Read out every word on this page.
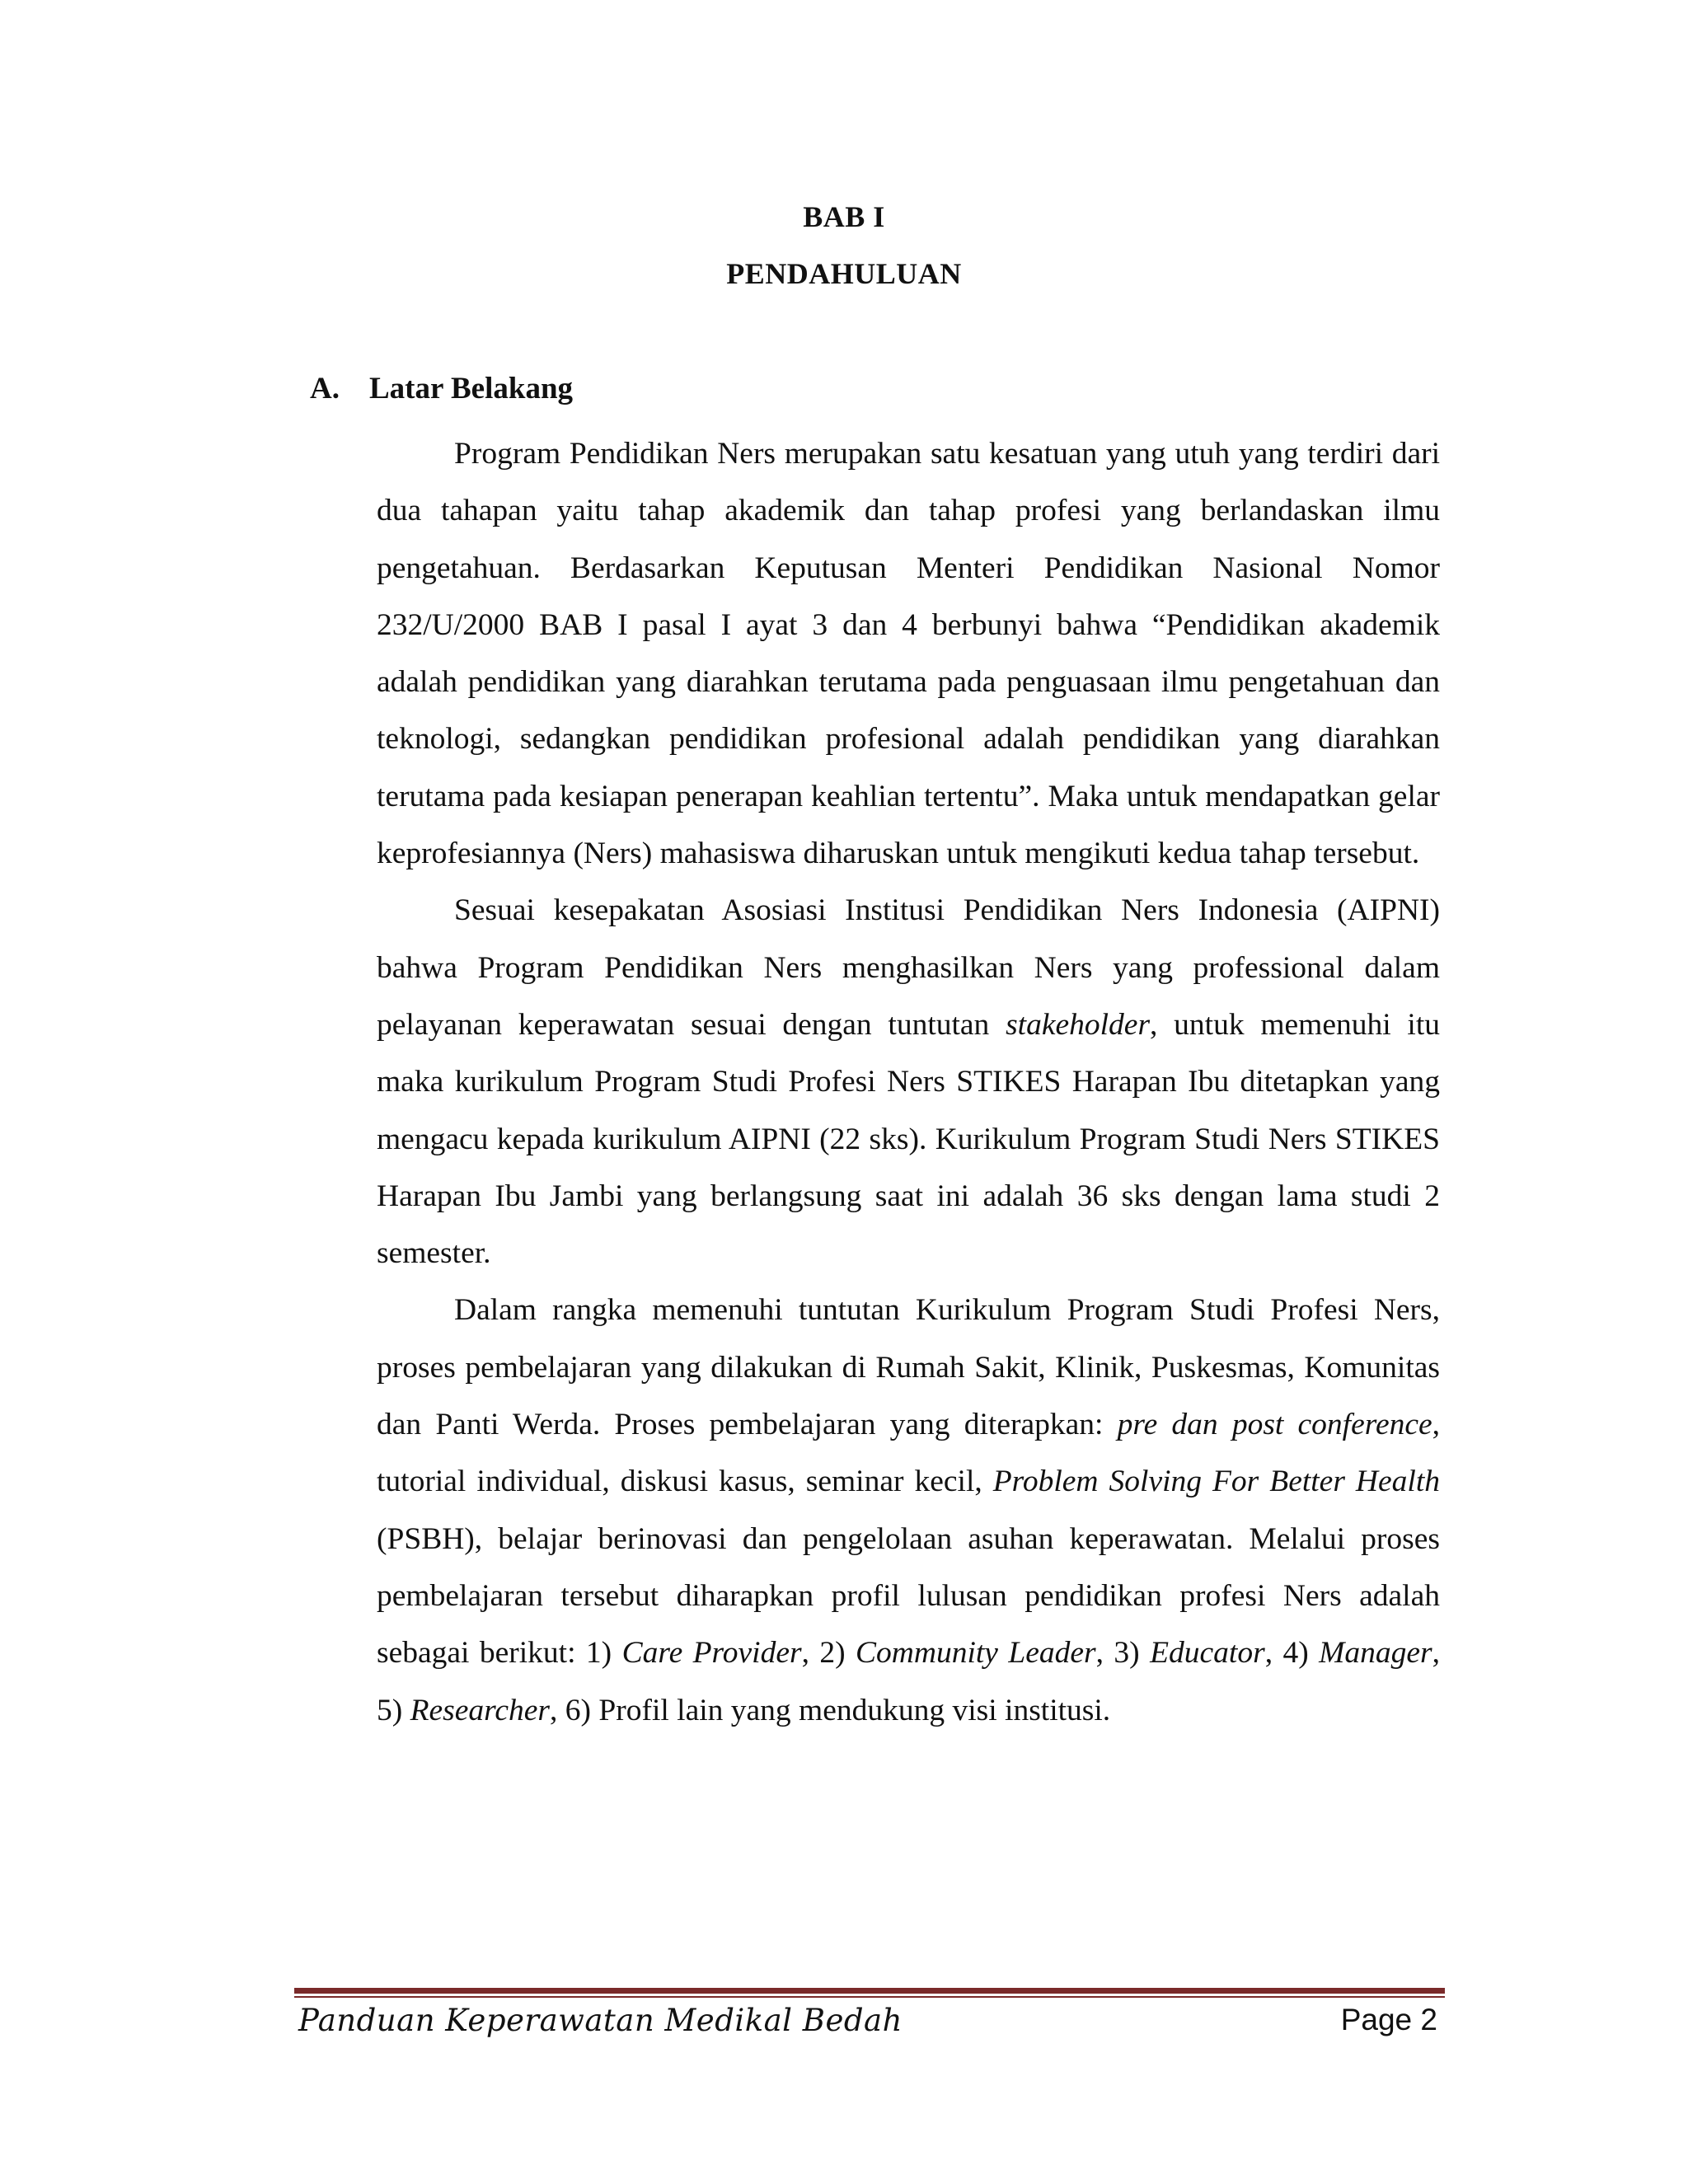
BAB I
PENDAHULUAN
A. Latar Belakang

Program Pendidikan Ners merupakan satu kesatuan yang utuh yang terdiri dari dua tahapan yaitu tahap akademik dan tahap profesi yang berlandaskan ilmu pengetahuan. Berdasarkan Keputusan Menteri Pendidikan Nasional Nomor 232/U/2000 BAB I pasal I ayat 3 dan 4 berbunyi bahwa “Pendidikan akademik adalah pendidikan yang diarahkan terutama pada penguasaan ilmu pengetahuan dan teknologi, sedangkan pendidikan profesional adalah pendidikan yang diarahkan terutama pada kesiapan penerapan keahlian tertentu”. Maka untuk mendapatkan gelar keprofesiannya (Ners) mahasiswa diharuskan untuk mengikuti kedua tahap tersebut.

Sesuai kesepakatan Asosiasi Institusi Pendidikan Ners Indonesia (AIPNI) bahwa Program Pendidikan Ners menghasilkan Ners yang professional dalam pelayanan keperawatan sesuai dengan tuntutan stakeholder, untuk memenuhi itu maka kurikulum Program Studi Profesi Ners STIKES Harapan Ibu ditetapkan yang mengacu kepada kurikulum AIPNI (22 sks). Kurikulum Program Studi Ners STIKES Harapan Ibu Jambi yang berlangsung saat ini adalah 36 sks dengan lama studi 2 semester.

Dalam rangka memenuhi tuntutan Kurikulum Program Studi Profesi Ners, proses pembelajaran yang dilakukan di Rumah Sakit, Klinik, Puskesmas, Komunitas dan Panti Werda. Proses pembelajaran yang diterapkan: pre dan post conference, tutorial individual, diskusi kasus, seminar kecil, Problem Solving For Better Health (PSBH), belajar berinovasi dan pengelolaan asuhan keperawatan. Melalui proses pembelajaran tersebut diharapkan profil lulusan pendidikan profesi Ners adalah sebagai berikut: 1) Care Provider, 2) Community Leader, 3) Educator, 4) Manager, 5) Researcher, 6) Profil lain yang mendukung visi institusi.

Panduan Keperawatan Medikal Bedah	Page 2
